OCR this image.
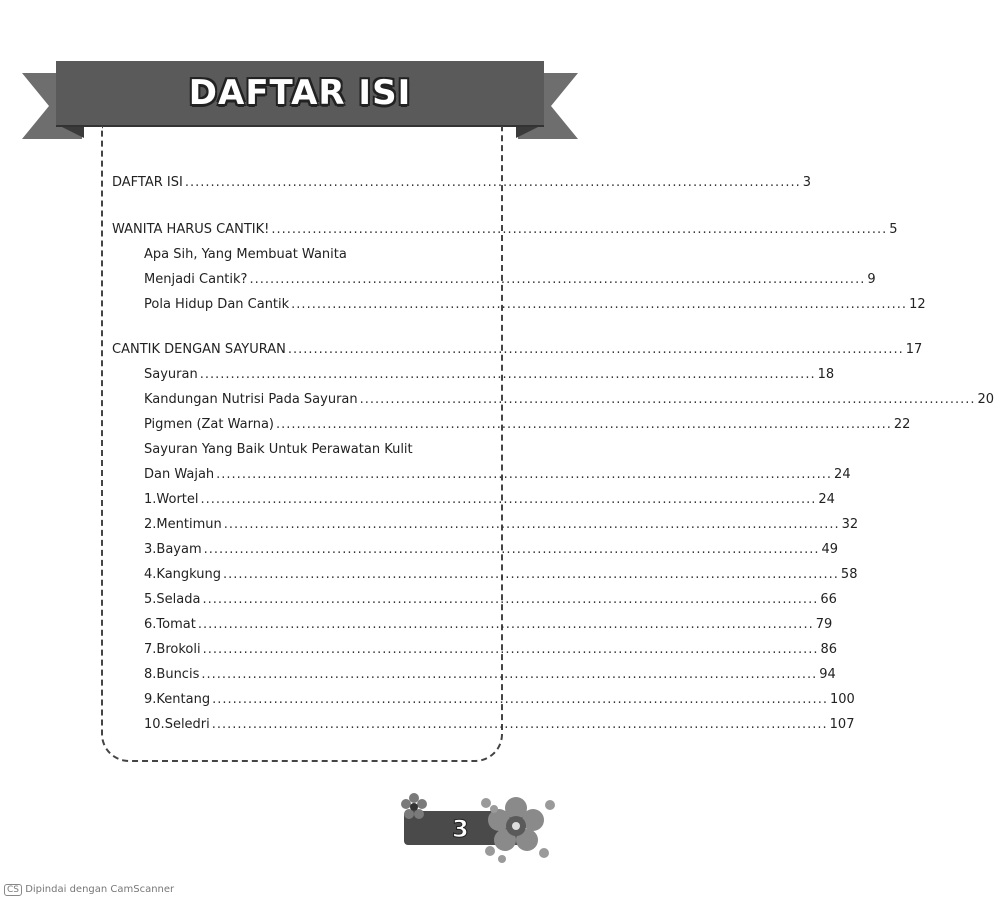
DAFTAR ISI
DAFTAR ISI ........................................................................................................................ 3
WANITA HARUS CANTIK! ........................................................................................................................ 5
Apa Sih, Yang Membuat Wanita
Menjadi Cantik? ........................................................................................................................ 9
Pola Hidup Dan Cantik ........................................................................................................................ 12
CANTIK DENGAN SAYURAN ........................................................................................................................ 17
Sayuran ........................................................................................................................ 18
Kandungan Nutrisi Pada Sayuran ........................................................................................................................ 20
Pigmen (Zat Warna) ........................................................................................................................ 22
Sayuran Yang Baik Untuk Perawatan Kulit
Dan Wajah ........................................................................................................................ 24
1. Wortel ........................................................................................................................ 24
2. Mentimun ........................................................................................................................ 32
3. Bayam ........................................................................................................................ 49
4. Kangkung ........................................................................................................................ 58
5. Selada ........................................................................................................................ 66
6. Tomat ........................................................................................................................ 79
7. Brokoli ........................................................................................................................ 86
8. Buncis ........................................................................................................................ 94
9. Kentang ........................................................................................................................ 100
10. Seledri ........................................................................................................................ 107
3
CS Dipindai dengan CamScanner
